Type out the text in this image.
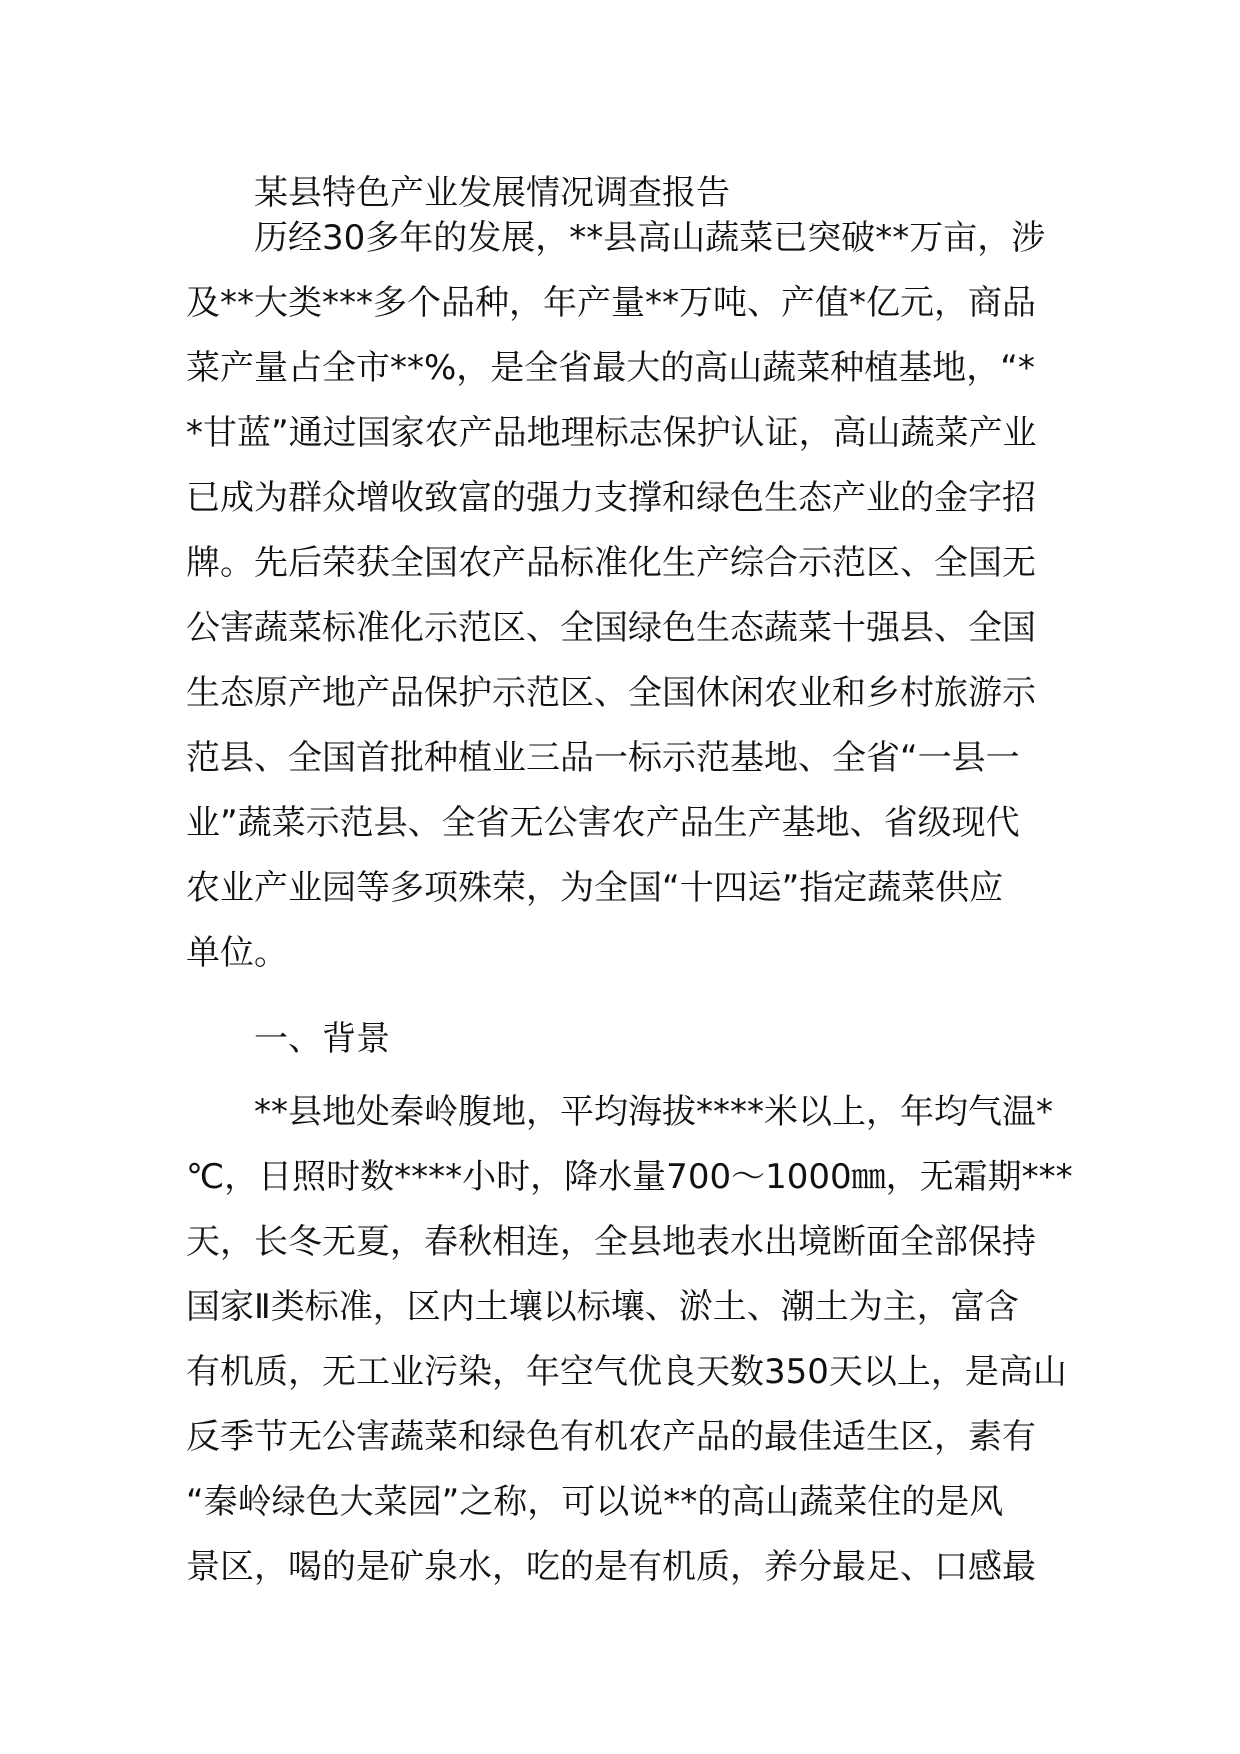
某县特色产业发展情况调查报告
历经30多年的发展，**县高山蔬菜已突破**万亩，涉
及**大类***多个品种，年产量**万吨、产值*亿元，商品
菜产量占全市**%，是全省最大的高山蔬菜种植基地，“*
*甘蓝”通过国家农产品地理标志保护认证，高山蔬菜产业
已成为群众增收致富的强力支撑和绿色生态产业的金字招
牌。先后荣获全国农产品标准化生产综合示范区、全国无
公害蔬菜标准化示范区、全国绿色生态蔬菜十强县、全国
生态原产地产品保护示范区、全国休闲农业和乡村旅游示
范县、全国首批种植业三品一标示范基地、全省“一县一
业”蔬菜示范县、全省无公害农产品生产基地、省级现代
农业产业园等多项殊荣，为全国“十四运”指定蔬菜供应
单位。
一、背景
**县地处秦岭腹地，平均海拔****米以上，年均气温*
℃，日照时数****小时，降水量700～1000㎜，无霜期***
天，长冬无夏，春秋相连，全县地表水出境断面全部保持
国家Ⅱ类标准，区内土壤以标壤、淤土、潮土为主，富含
有机质，无工业污染，年空气优良天数350天以上，是高山
反季节无公害蔬菜和绿色有机农产品的最佳适生区，素有
“秦岭绿色大菜园”之称，可以说**的高山蔬菜住的是风
景区，喝的是矿泉水，吃的是有机质，养分最足、口感最
